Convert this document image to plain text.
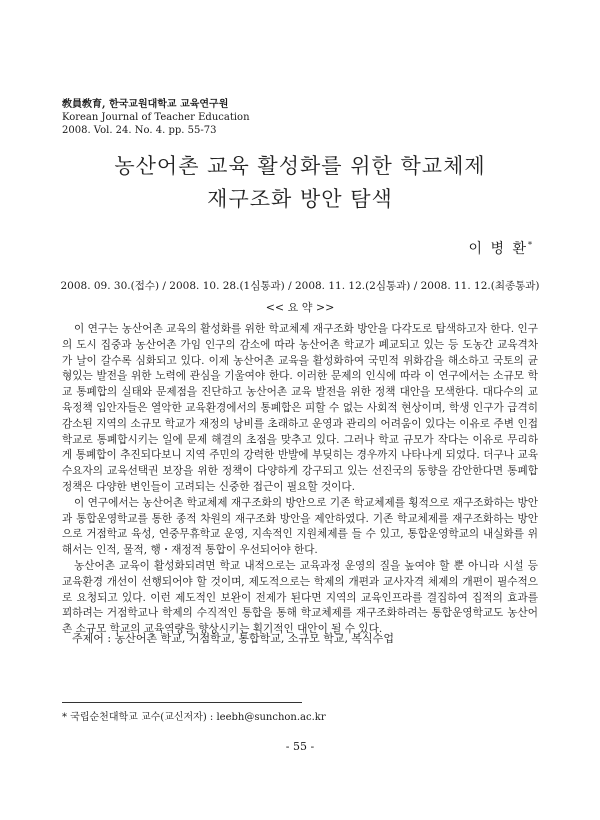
敎員敎育, 한국교원대학교 교육연구원
Korean Journal of Teacher Education
2008. Vol. 24. No. 4. pp. 55-73
농산어촌 교육 활성화를 위한 학교체제
재구조화 방안 탐색
이 병 환*
2008. 09. 30.(접수) / 2008. 10. 28.(1심통과) / 2008. 11. 12.(2심통과) / 2008. 11. 12.(최종통과)
<< 요 약 >>

이 연구는 농산어촌 교육의 활성화를 위한 학교체제 재구조화 방안을 다각도로 탐색하고자 한다. 인구의 도시 집중과 농산어촌 가임 인구의 감소에 따라 농산어촌 학교가 폐교되고 있는 등 도농간 교육격차가 날이 갈수록 심화되고 있다. 이제 농산어촌 교육을 활성화하여 국민적 위화감을 해소하고 국토의 균형있는 발전을 위한 노력에 관심을 기울여야 한다. 이러한 문제의 인식에 따라 이 연구에서는 소규모 학교 통폐합의 실태와 문제점을 진단하고 농산어촌 교육 발전을 위한 정책 대안을 모색한다. 대다수의 교육정책 입안자들은 열악한 교육환경에서의 통폐합은 피할 수 없는 사회적 현상이며, 학생 인구가 급격히 감소된 지역의 소규모 학교가 재정의 낭비를 초래하고 운영과 관리의 어려움이 있다는 이유로 주변 인접 학교로 통폐합시키는 일에 문제 해결의 초점을 맞추고 있다. 그러나 학교 규모가 작다는 이유로 무리하게 통폐합이 추진되다보니 지역 주민의 강력한 반발에 부딪히는 경우까지 나타나게 되었다. 더구나 교육수요자의 교육선택권 보장을 위한 정책이 다양하게 강구되고 있는 선진국의 동향을 감안한다면 통폐합 정책은 다양한 변인들이 고려되는 신중한 접근이 필요할 것이다.

이 연구에서는 농산어촌 학교체제 재구조화의 방안으로 기존 학교체제를 횡적으로 재구조화하는 방안과 통합운영학교를 통한 종적 차원의 재구조화 방안을 제안하였다. 기존 학교체제를 재구조화하는 방안으로 거점학교 육성, 연중무휴학교 운영, 지속적인 지원체제를 들 수 있고, 통합운영학교의 내실화를 위해서는 인적, 물적, 행・재정적 통합이 우선되어야 한다.

농산어촌 교육이 활성화되려면 학교 내적으로는 교육과정 운영의 질을 높여야 할 뿐 아니라 시설 등 교육환경 개선이 선행되어야 할 것이며, 제도적으로는 학제의 개편과 교사자격 체제의 개편이 필수적으로 요청되고 있다. 이런 제도적인 보완이 전제가 된다면 지역의 교육인프라를 결집하여 집적의 효과를 꾀하려는 거점학교나 학제의 수직적인 통합을 통해 학교체제를 재구조화하려는 통합운영학교도 농산어촌 소규모 학교의 교육역량을 향상시키는 획기적인 대안이 될 수 있다.

주제어 : 농산어촌 학교, 거점학교, 통합학교, 소규모 학교, 복식수업
* 국립순천대학교 교수(교신저자) : leebh@sunchon.ac.kr
- 55 -
